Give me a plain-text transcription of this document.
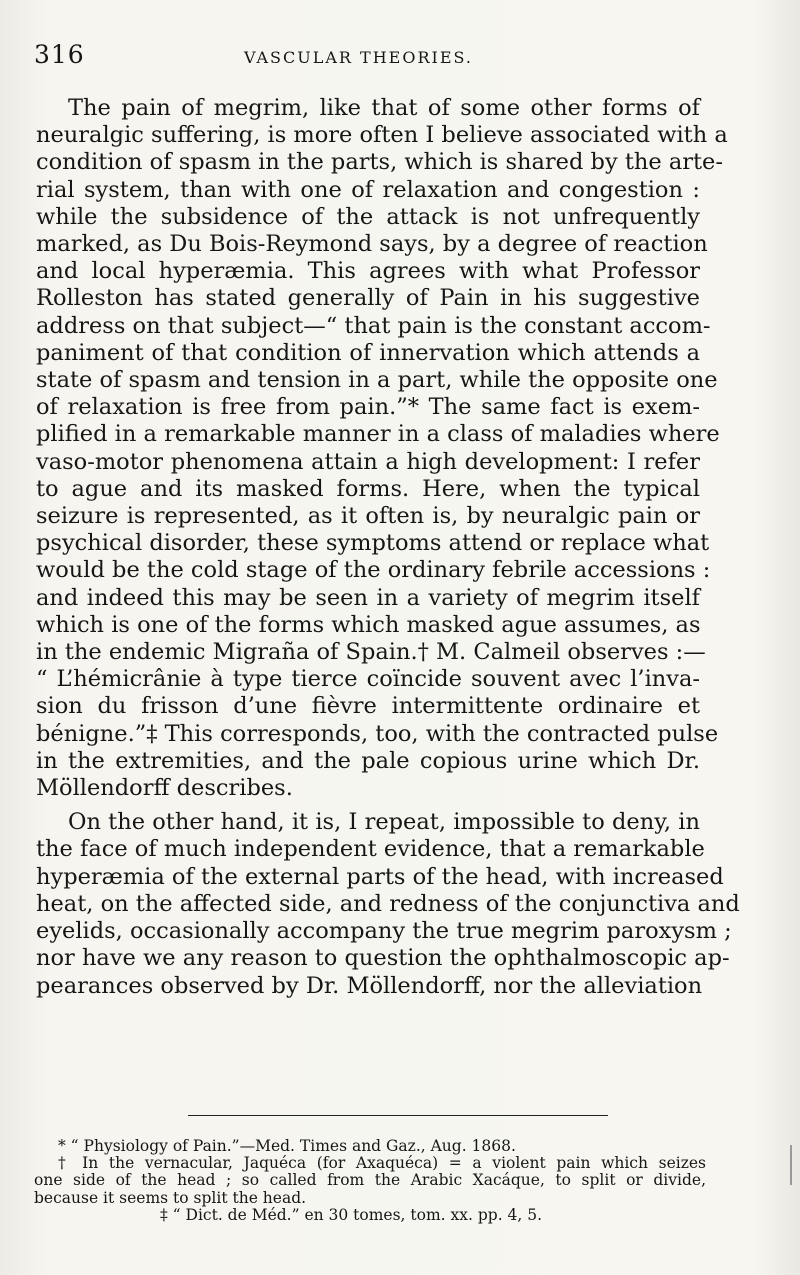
316	VASCULAR THEORIES.
The pain of megrim, like that of some other forms of
neuralgic suffering, is more often I believe associated with a
condition of spasm in the parts, which is shared by the arte-
rial system, than with one of relaxation and congestion :
while the subsidence of the attack is not unfrequently
marked, as Du Bois-Reymond says, by a degree of reaction
and local hyperæmia. This agrees with what Professor
Rolleston has stated generally of Pain in his suggestive
address on that subject—“ that pain is the constant accom-
paniment of that condition of innervation which attends a
state of spasm and tension in a part, while the opposite one
of relaxation is free from pain.”* The same fact is exem-
plified in a remarkable manner in a class of maladies where
vaso-motor phenomena attain a high development: I refer
to ague and its masked forms. Here, when the typical
seizure is represented, as it often is, by neuralgic pain or
psychical disorder, these symptoms attend or replace what
would be the cold stage of the ordinary febrile accessions :
and indeed this may be seen in a variety of megrim itself
which is one of the forms which masked ague assumes, as
in the endemic Migraña of Spain.† M. Calmeil observes :—
“ L’hémicrânie à type tierce coïncide souvent avec l’inva-
sion du frisson d’une fièvre intermittente ordinaire et
bénigne.”‡ This corresponds, too, with the contracted pulse
in the extremities, and the pale copious urine which Dr.
Möllendorff describes.
On the other hand, it is, I repeat, impossible to deny, in
the face of much independent evidence, that a remarkable
hyperæmia of the external parts of the head, with increased
heat, on the affected side, and redness of the conjunctiva and
eyelids, occasionally accompany the true megrim paroxysm ;
nor have we any reason to question the ophthalmoscopic ap-
pearances observed by Dr. Möllendorff, nor the alleviation
* “ Physiology of Pain.”—Med. Times and Gaz., Aug. 1868.
† In the vernacular, Jaquéca (for Axaquéca) = a violent pain which seizes
one side of the head ; so called from the Arabic Xacáque, to split or divide,
because it seems to split the head.
‡ “ Dict. de Méd.” en 30 tomes, tom. xx. pp. 4, 5.
